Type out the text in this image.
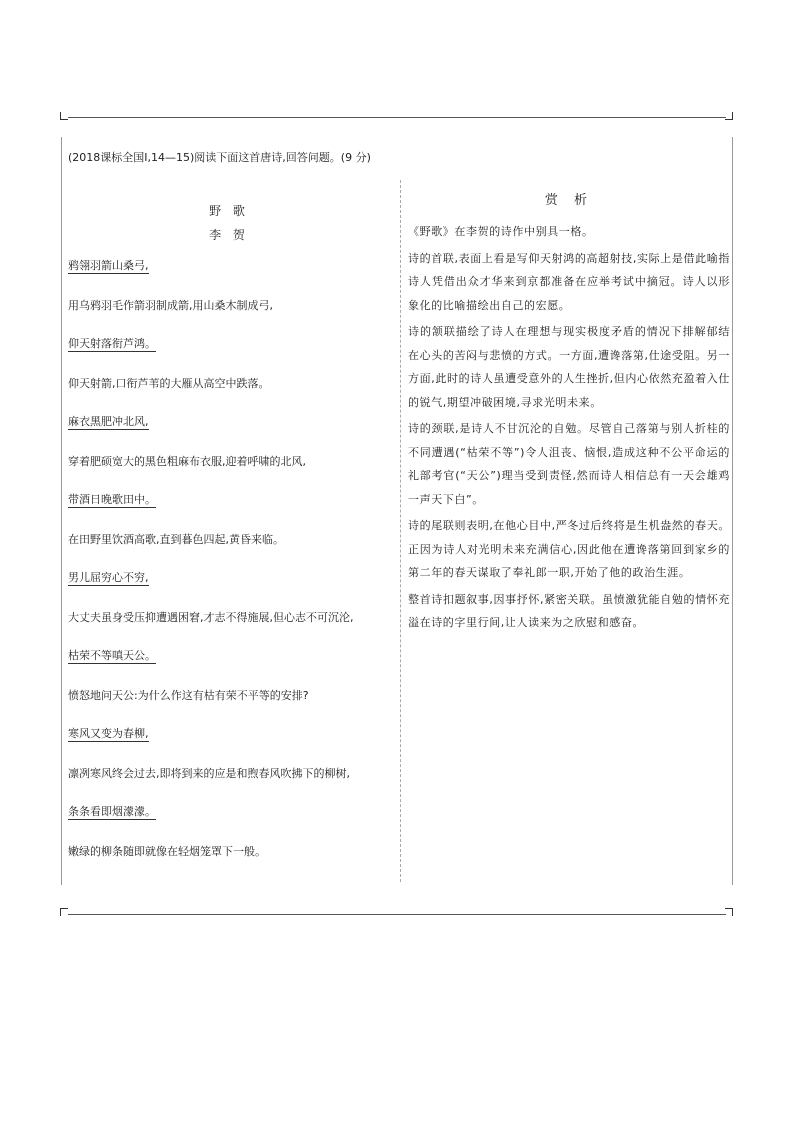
(2018课标全国Ⅰ,14—15)阅读下面这首唐诗,回答问题。(9 分)
野 歌
李 贺
鸦翎羽箭山桑弓,
用乌鸦羽毛作箭羽制成箭,用山桑木制成弓,
仰天射落衔芦鸿。
仰天射箭,口衔芦苇的大雁从高空中跌落。
麻衣黑肥冲北风,
穿着肥硕宽大的黑色粗麻布衣服,迎着呼啸的北风,
带酒日晚歌田中。
在田野里饮酒高歌,直到暮色四起,黄昏来临。
男儿屈穷心不穷,
大丈夫虽身受压抑遭遇困窘,才志不得施展,但心志不可沉沦,
枯荣不等嗔天公。
愤怒地问天公:为什么作这有枯有荣不平等的安排?
寒风又变为春柳,
凛冽寒风终会过去,即将到来的应是和煦春风吹拂下的柳树,
条条看即烟濛濛。
嫩绿的柳条随即就像在轻烟笼罩下一般。
赏 析

《野歌》在李贺的诗作中别具一格。

诗的首联,表面上看是写仰天射鸿的高超射技,实际上是借此喻指诗人凭借出众才华来到京都准备在应举考试中摘冠。诗人以形象化的比喻描绘出自己的宏愿。

诗的颔联描绘了诗人在理想与现实极度矛盾的情况下排解郁结在心头的苦闷与悲愤的方式。一方面,遭谗落第,仕途受阻。另一方面,此时的诗人虽遭受意外的人生挫折,但内心依然充盈着入仕的锐气,期望冲破困境,寻求光明未来。

诗的颈联,是诗人不甘沉沦的自勉。尽管自己落第与别人折桂的不同遭遇(“枯荣不等”)令人沮丧、恼恨,造成这种不公平命运的礼部考官(“天公”)理当受到责怪,然而诗人相信总有一天会雄鸡一声天下白”。

诗的尾联则表明,在他心目中,严冬过后终将是生机盎然的春天。正因为诗人对光明未来充满信心,因此他在遭谗落第回到家乡的第二年的春天谋取了奉礼郎一职,开始了他的政治生涯。

整首诗扣题叙事,因事抒怀,紧密关联。虽愤激犹能自勉的情怀充溢在诗的字里行间,让人读来为之欣慰和感奋。
